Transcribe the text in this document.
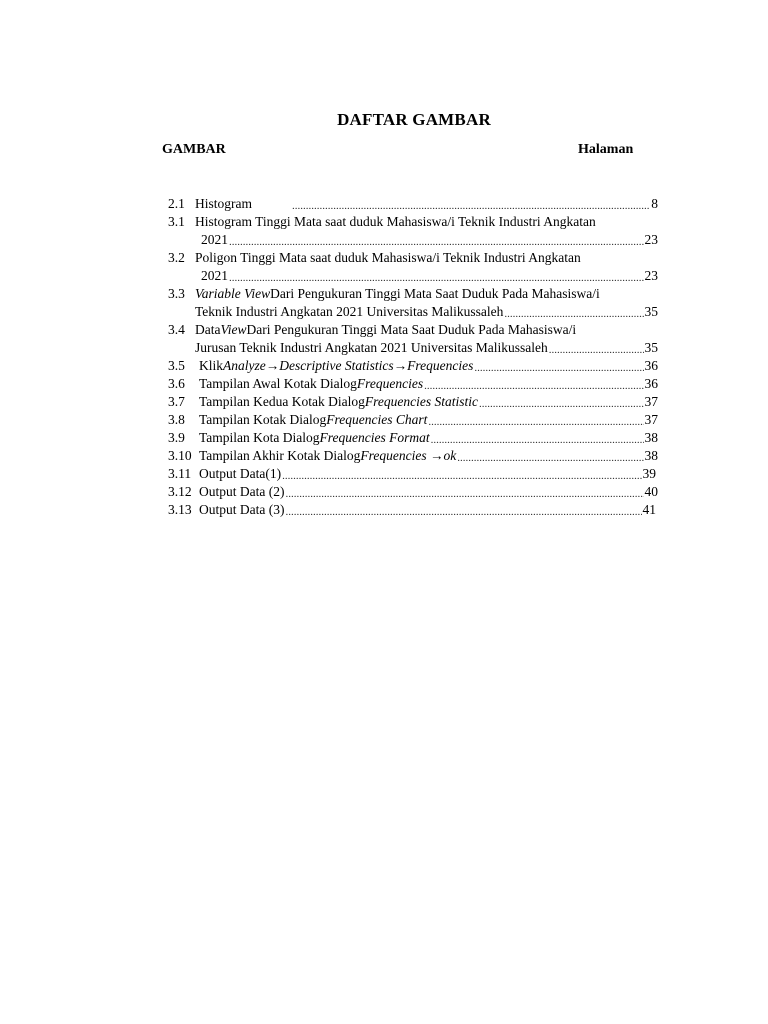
DAFTAR GAMBAR
GAMBAR	Halaman
2.1 Histogram .....	8
3.1 Histogram Tinggi Mata saat duduk Mahasiswa/i Teknik Industri Angkatan
2021 .....	23
3.2 Poligon Tinggi Mata saat duduk Mahasiswa/i Teknik Industri Angkatan
2021 .....	23
3.3 Variable View Dari Pengukuran Tinggi Mata Saat Duduk Pada Mahasiswa/i
Teknik Industri Angkatan 2021 Universitas Malikussaleh .....	35
3.4 Data View Dari Pengukuran Tinggi Mata Saat Duduk Pada Mahasiswa/i
Jurusan Teknik Industri Angkatan 2021 Universitas Malikussaleh .....	35
3.5	Klik Analyze→Descriptive Statistics→Frequencies .....	36
3.6	Tampilan Awal Kotak Dialog Frequencies .....	36
3.7	Tampilan Kedua Kotak Dialog Frequencies Statistic .....	37
3.8	Tampilan Kotak Dialog Frequencies Chart .....	37
3.9	Tampilan Kota Dialog Frequencies Format .....	38
3.10 Tampilan Akhir Kotak Dialog Frequencies →ok .....	38
3.11 Output Data(1) .....	39
3.12 Output Data (2) .....	40
3.13 Output Data (3) .....	41
